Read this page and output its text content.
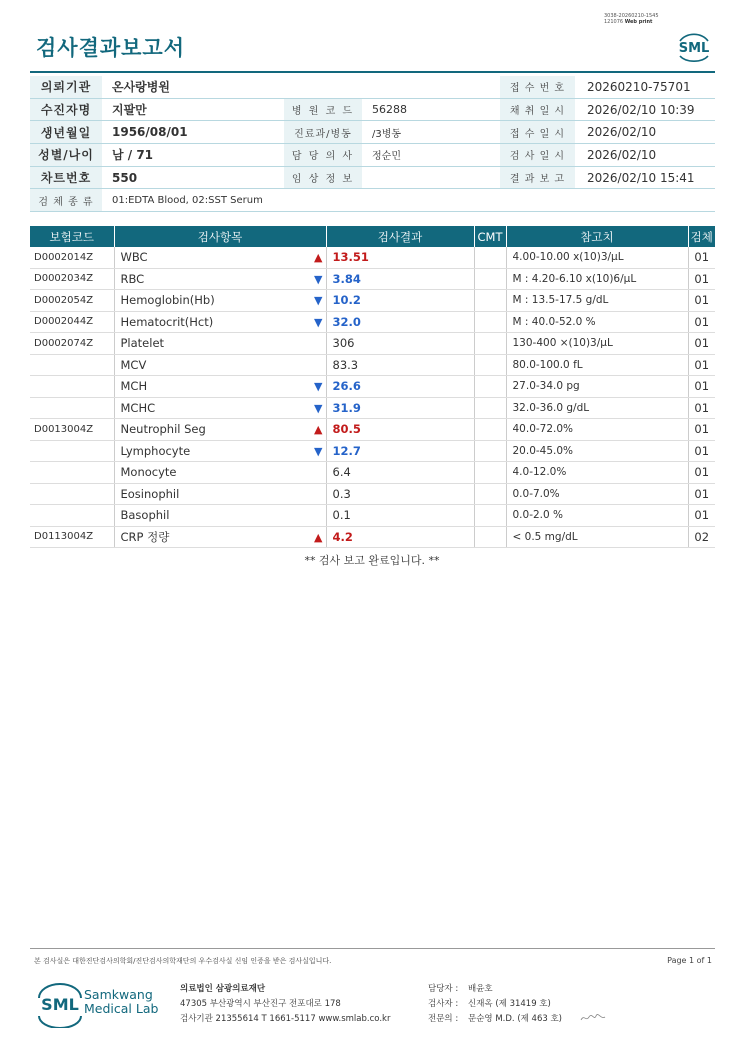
검사결과보고서
3038-20260210-1545
121076 Web print
SML
의뢰기관	온사랑병원			접 수 번 호	20260210-75701
수진자명	지팔만	병 원 코 드	56288	채 취 일 시	2026/02/10 10:39
생년월일	1956/08/01	진료과/병동	/3병동	접 수 일 시	2026/02/10
성별/나이	남 / 71	담 당 의 사	정순민	검 사 일 시	2026/02/10
차트번호	550	임 상 정 보		결 과 보 고	2026/02/10 15:41
검 체 종 류	01:EDTA Blood, 02:SST Serum				
보험코드	검사항목	검사결과	CMT	참고치	검체
D0002014Z	WBC ▲	13.51		4.00-10.00 x(10)3/μL	01
D0002034Z	RBC ▼	3.84		M : 4.20-6.10 x(10)6/μL	01
D0002054Z	Hemoglobin(Hb) ▼	10.2		M : 13.5-17.5 g/dL	01
D0002044Z	Hematocrit(Hct) ▼	32.0		M : 40.0-52.0 %	01
D0002074Z	Platelet	306		130-400 ×(10)3/μL	01
	MCV	83.3		80.0-100.0 fL	01
	MCH ▼	26.6		27.0-34.0 pg	01
	MCHC ▼	31.9		32.0-36.0 g/dL	01
D0013004Z	Neutrophil Seg ▲	80.5		40.0-72.0%	01
	Lymphocyte ▼	12.7		20.0-45.0%	01
	Monocyte	6.4		4.0-12.0%	01
	Eosinophil	0.3		0.0-7.0%	01
	Basophil	0.1		0.0-2.0 %	01
D0113004Z	CRP 정량 ▲	4.2		< 0.5 mg/dL	02
** 검사 보고 완료입니다. **
본 검사실은 대한진단검사의학회/진단검사의학재단의 우수검사실 신임 인증을 받은 검사실입니다.	Page 1 of 1
SML
Samkwang
Medical Lab
의료법인 삼광의료재단
47305 부산광역시 부산진구 전포대로 178
검사기관 21355614 T 1661-5117 www.smlab.co.kr
담당자 : 배윤호
검사자 : 신재옥 (제 31419 호)
전문의 : 문순영 M.D. (제 463 호)
